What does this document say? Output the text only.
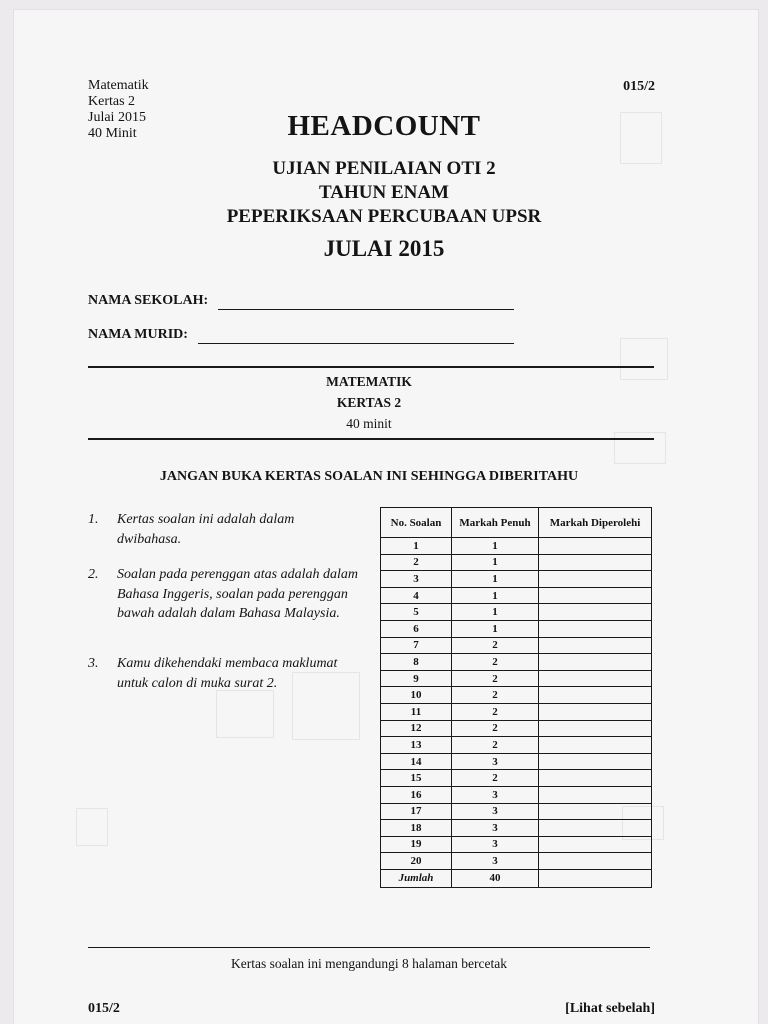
Matematik
Kertas 2
Julai 2015
40 Minit
015/2
HEADCOUNT
UJIAN PENILAIAN OTI 2
TAHUN ENAM
PEPERIKSAAN PERCUBAAN UPSR
JULAI 2015
NAMA SEKOLAH:
NAMA MURID:
MATEMATIK
KERTAS 2
40 minit
JANGAN BUKA KERTAS SOALAN INI SEHINGGA DIBERITAHU
1. Kertas soalan ini adalah dalam dwibahasa.
2. Soalan pada perenggan atas adalah dalam Bahasa Inggeris, soalan pada perenggan bawah adalah dalam Bahasa Malaysia.
3. Kamu dikehendaki membaca maklumat untuk calon di muka surat 2.
No. Soalan	Markah Penuh	Markah Diperolehi
1	1	
2	1	
3	1	
4	1	
5	1	
6	1	
7	2	
8	2	
9	2	
10	2	
11	2	
12	2	
13	2	
14	3	
15	2	
16	3	
17	3	
18	3	
19	3	
20	3	
Jumlah	40	
Kertas soalan ini mengandungi 8 halaman bercetak
015/2	[Lihat sebelah]
